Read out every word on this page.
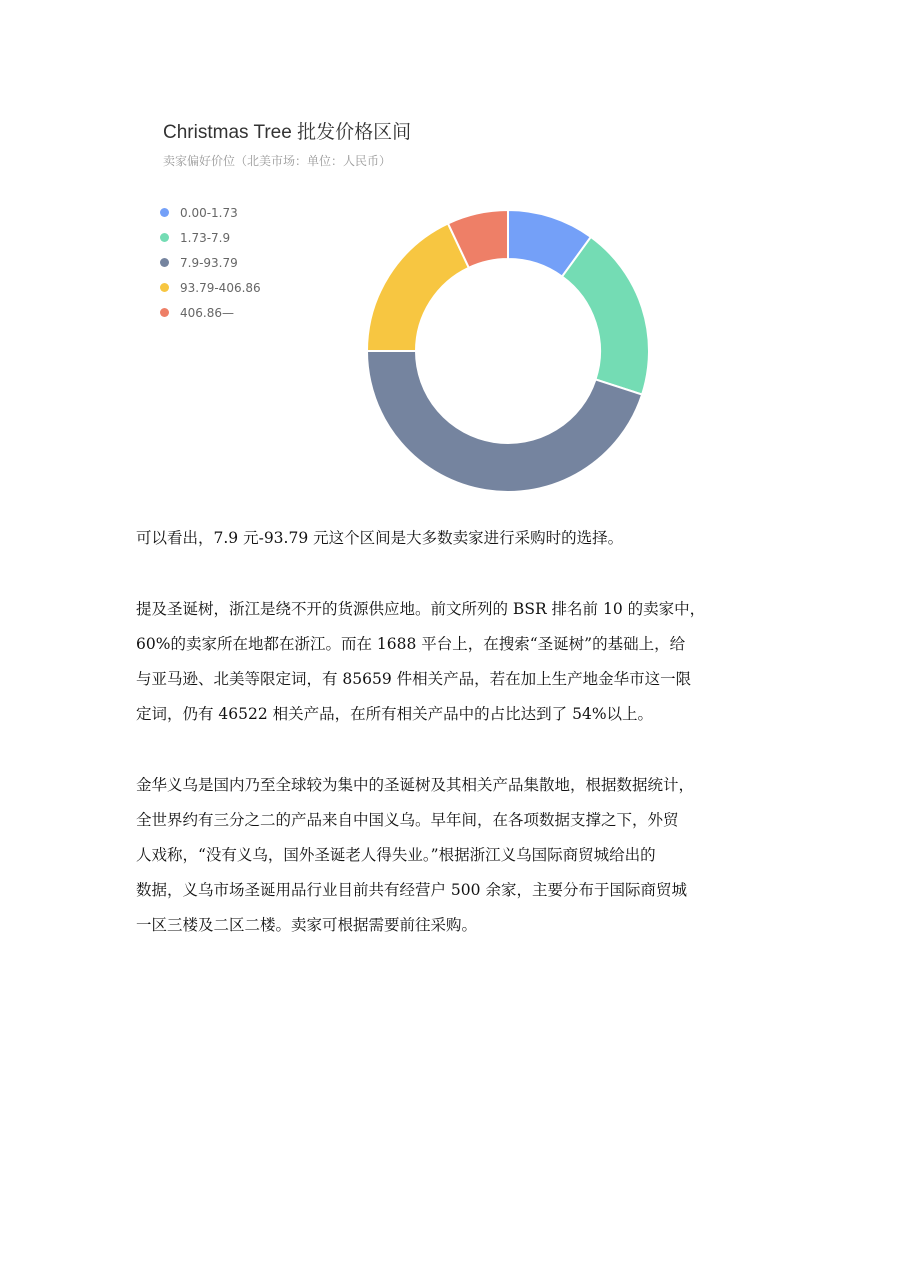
Christmas Tree 批发价格区间
卖家偏好价位（北美市场：单位：人民币）
0.00-1.73
1.73-7.9
7.9-93.79
93.79-406.86
406.86—
可以看出，7.9 元-93.79 元这个区间是大多数卖家进行采购时的选择。
提及圣诞树，浙江是绕不开的货源供应地。前文所列的 BSR 排名前 10 的卖家中，
60%的卖家所在地都在浙江。而在 1688 平台上，在搜索“圣诞树”的基础上，给
与亚马逊、北美等限定词，有 85659 件相关产品，若在加上生产地金华市这一限
定词，仍有 46522 相关产品，在所有相关产品中的占比达到了 54%以上。
金华义乌是国内乃至全球较为集中的圣诞树及其相关产品集散地，根据数据统计，
全世界约有三分之二的产品来自中国义乌。早年间，在各项数据支撑之下，外贸
人戏称，“没有义乌，国外圣诞老人得失业。”根据浙江义乌国际商贸城给出的
数据，义乌市场圣诞用品行业目前共有经营户 500 余家，主要分布于国际商贸城
一区三楼及二区二楼。卖家可根据需要前往采购。
